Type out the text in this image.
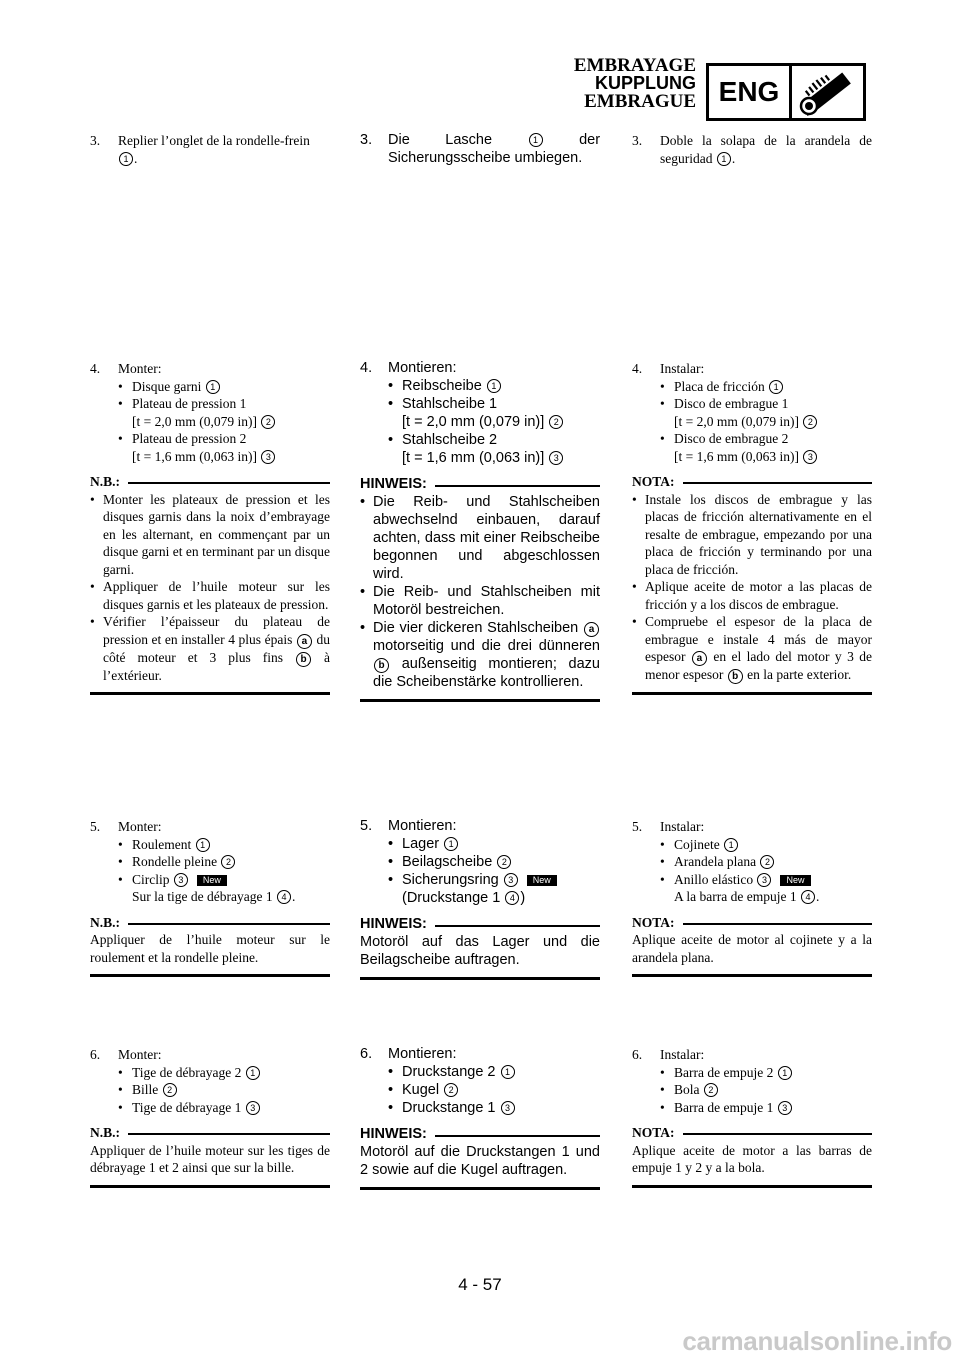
EMBRAYAGE
KUPPLUNG
EMBRAGUE ENG
3.	Replier l’onglet de la rondelle-frein
1 .
4.	Monter:
• Disque garni 1
• Plateau de pression 1
[t = 2,0 mm (0,079 in)] 2
• Plateau de pression 2
[t = 1,6 mm (0,063 in)] 3
N.B.:
• Monter les plateaux de pression et les disques garnis dans la noix d’embrayage en les alternant, en commençant par un disque garni et en terminant par un disque garni.
• Appliquer de l’huile moteur sur les disques garnis et les plateaux de pression.
• Vérifier l’épaisseur du plateau de pression et en installer 4 plus épais a du côté moteur et 3 plus fins b à l’extérieur.
5.	Monter:
• Roulement 1
• Rondelle pleine 2
• Circlip 3 New
Sur la tige de débrayage 1 4 .
N.B.:
Appliquer de l’huile moteur sur le roulement et la rondelle pleine.
6.	Monter:
• Tige de débrayage 2 1
• Bille 2
• Tige de débrayage 1 3
N.B.:
Appliquer de l’huile moteur sur les tiges de débrayage 1 et 2 ainsi que sur la bille.
3.	Die Lasche	1	der Sicherungsscheibe umbiegen.
4.	Montieren:
• Reibscheibe 1
• Stahlscheibe 1
[t = 2,0 mm (0,079 in)] 2
• Stahlscheibe 2
[t = 1,6 mm (0,063 in)] 3
HINWEIS:
• Die Reib- und Stahlscheiben abwechselnd einbauen, darauf achten, dass mit einer Reibscheibe begonnen und abgeschlossen wird.
• Die Reib- und Stahlscheiben mit Motoröl bestreichen.
• Die vier dickeren Stahlscheiben a motorseitig und die drei dünneren b außenseitig montieren; dazu die Scheibenstärke kontrollieren.
5.	Montieren:
• Lager 1
• Beilagscheibe 2
• Sicherungsring 3 New
(Druckstange 1 4 )
HINWEIS:
Motoröl auf das Lager und die Beilagscheibe auftragen.
6.	Montieren:
• Druckstange 2 1
• Kugel 2
• Druckstange 1 3
HINWEIS:
Motoröl auf die Druckstangen 1 und 2 sowie auf die Kugel auftragen.
3.	Doble la solapa de la arandela de seguridad 1 .
4.	Instalar:
• Placa de fricción 1
• Disco de embrague 1
[t = 2,0 mm (0,079 in)] 2
• Disco de embrague 2
[t = 1,6 mm (0,063 in)] 3
NOTA:
• Instale los discos de embrague y las placas de fricción alternativamente en el resalte de embrague, empezando por una placa de fricción y terminando por una placa de fricción.
• Aplique aceite de motor a las placas de fricción y a los discos de embrague.
• Compruebe el espesor de la placa de embrague e instale 4 más de mayor espesor a en el lado del motor y 3 de menor espesor b en la parte exterior.
5.	Instalar:
• Cojinete 1
• Arandela plana 2
• Anillo elástico 3 New
A la barra de empuje 1 4 .
NOTA:
Aplique aceite de motor al cojinete y a la arandela plana.
6.	Instalar:
• Barra de empuje 2 1
• Bola 2
• Barra de empuje 1 3
NOTA:
Aplique aceite de motor a las barras de empuje 1 y 2 y a la bola.
4 - 57
carmanualsonline.info
